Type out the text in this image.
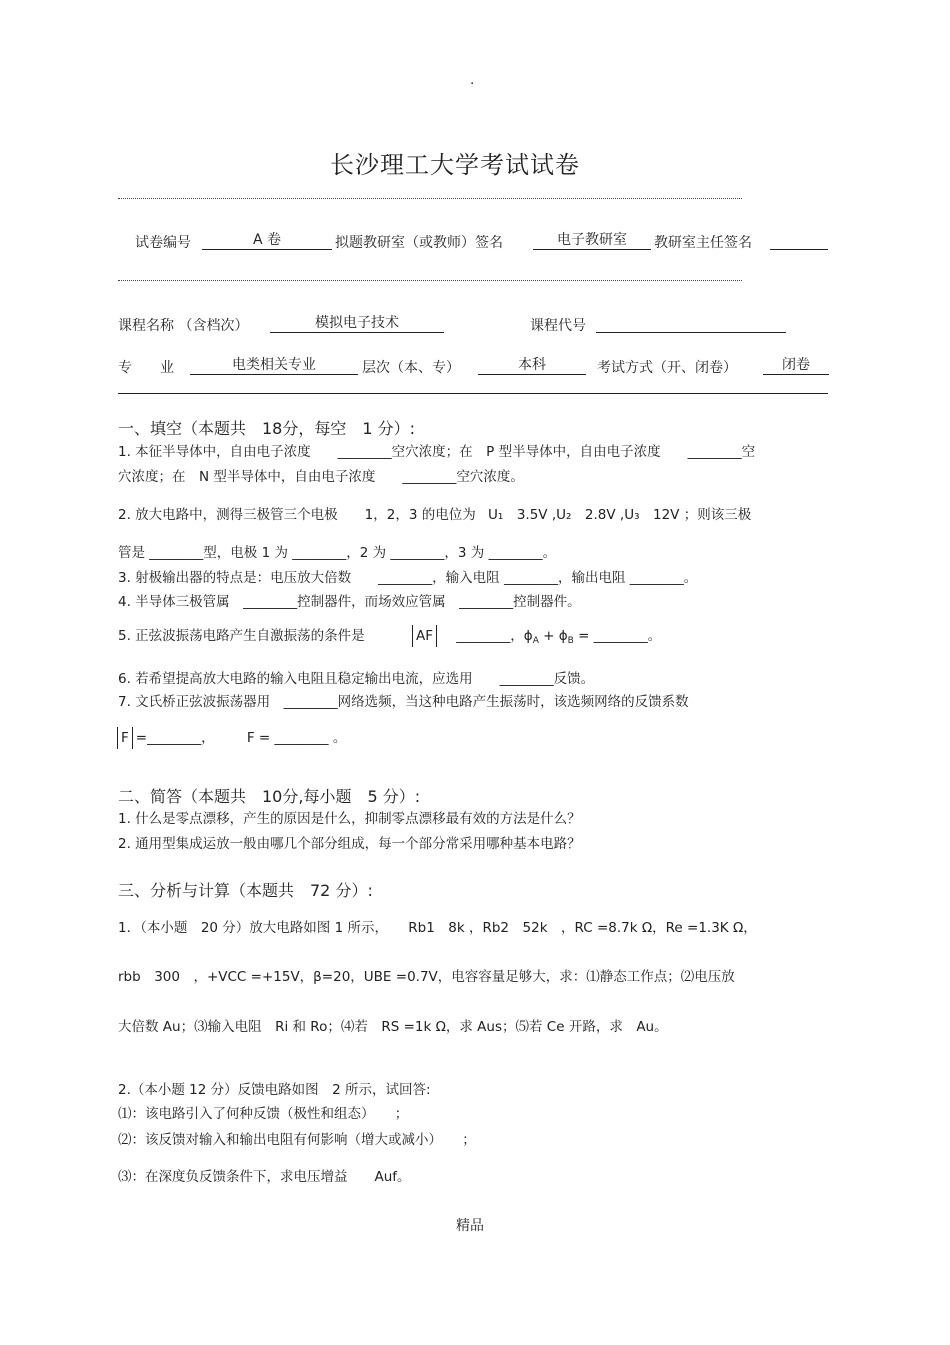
.
长沙理工大学考试试卷
试卷编号	A 卷	拟题教研室（或教师）签名	电子教研室	教研室主任签名
课程名称 （含档次）	模拟电子技术	课程代号
专　　业	电类相关专业	层次（本、专）	本科	考试方式（开、闭卷）	闭卷
一、填空（本题共　18分，每空　1 分）:
1. 本征半导体中，自由电子浓度　　________空穴浓度；在　P 型半导体中，自由电子浓度　　________空
穴浓度；在　N 型半导体中，自由电子浓度　　________空穴浓度。
2. 放大电路中，测得三极管三个电极　　1，2，3 的电位为 U₁　3.5V ,U₂　2.8V ,U₃　12V ；则该三极
管是 ________型，电极 1 为 ________，2 为 ________，3 为 ________。
3. 射极输出器的特点是：电压放大倍数　　________，输入电阻 ________，输出电阻 ________。
4. 半导体三极管属　________控制器件，而场效应管属　________控制器件。
5. 正弦波振荡电路产生自激振荡的条件是	AF ________，$\phi_A + \phi_B$ = ________。
6. 若希望提高放大电路的输入电阻且稳定输出电流，应选用　　________反馈。
7. 文氏桥正弦波振荡器用　________网络选频，当这种电路产生振荡时，该选频网络的反馈系数
F =________， F = ________ 。
二、简答（本题共　10分,每小题　5 分）:
1. 什么是零点漂移，产生的原因是什么，抑制零点漂移最有效的方法是什么？
2. 通用型集成运放一般由哪几个部分组成，每一个部分常采用哪种基本电路？
三、分析与计算（本题共　72 分）:
1．（本小题　20 分）放大电路如图 1 所示，　　Rb1　8k ，Rb2　52k　，RC =8.7k Ω，Re =1.3K Ω，
rbb　300　，+VCC =+15V，β=20，UBE =0.7V，电容容量足够大，求：⑴静态工作点；⑵电压放
大倍数 Au；⑶输入电阻　Ri 和 Ro；⑷若　RS =1k Ω，求 Aus；⑸若 Ce 开路，求　Au。
2.（本小题 12 分）反馈电路如图　2 所示，试回答:
⑴：该电路引入了何种反馈（极性和组态）　　；
⑵：该反馈对输入和输出电阻有何影响（增大或减小）　　；
⑶：在深度负反馈条件下，求电压增益　　Auf。
精品
